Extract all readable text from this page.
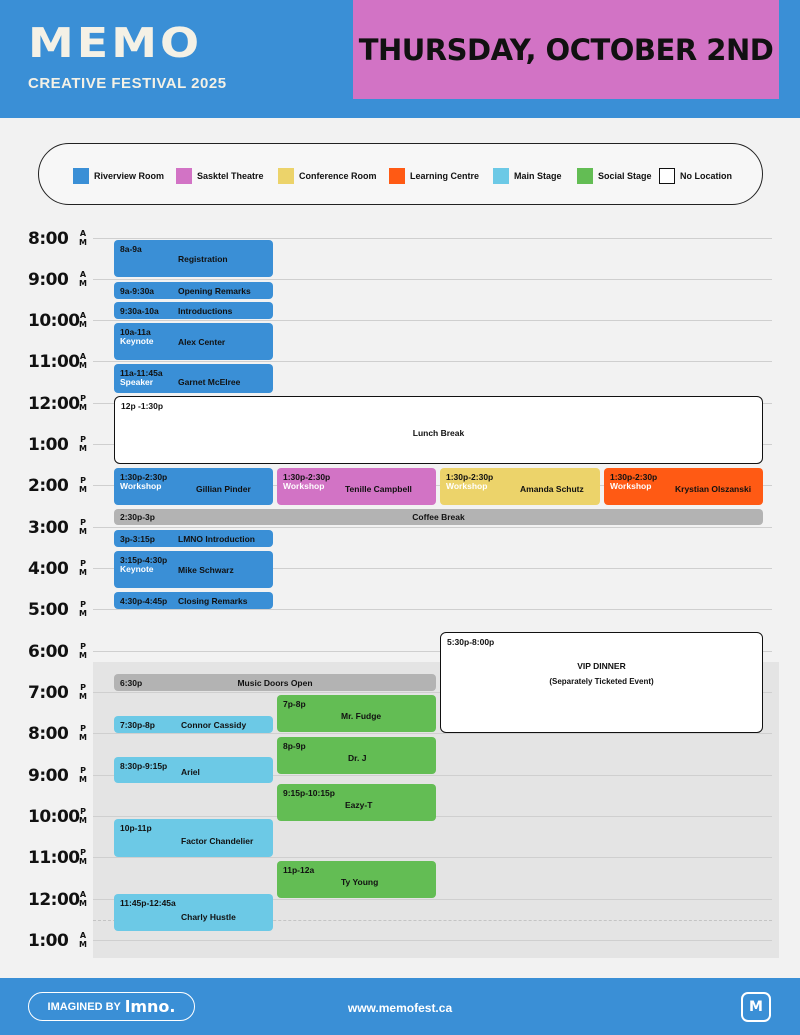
MEMO
CREATIVE FESTIVAL 2025
THURSDAY, OCTOBER 2ND
Riverview Room	Sasktel Theatre	Conference Room	Learning Centre	Main Stage	Social Stage	No Location
8:00 A
M
9:00 A
M
10:00 A
M
11:00 A
M
12:00 P
M
1:00 P
M
2:00 P
M
3:00 P
M
4:00 P
M
5:00 P
M
6:00 P
M
7:00 P
M
8:00 P
M
9:00 P
M
10:00 P
M
11:00 P
M
12:00 A
M
1:00 A
M
8a-9a
Registration
9a-9:30a	Opening Remarks
9:30a-10a Introductions
10a-11a
Keynote	Alex Center
11a-11:45a
Speaker	Garnet McElree
12p -1:30p
Lunch Break
1:30p-2:30p
Workshop	Gillian Pinder
1:30p-2:30p
Workshop Tenille Campbell
1:30p-2:30p
Workshop	Amanda Schutz
1:30p-2:30p
Workshop	Krystian Olszanski
2:30p-3p	Coffee Break
3p-3:15p	LMNO Introduction
3:15p-4:30p
Keynote	Mike Schwarz
4:30p-4:45p Closing Remarks
5:30p-8:00p
VIP DINNER
(Separately Ticketed Event)
6:30p	Music Doors Open
7p-8p
Mr. Fudge
7:30p-8p	Connor Cassidy
8p-9p
Dr. J
8:30p-9:15p
Ariel
9:15p-10:15p
Eazy-T
10p-11p
Factor Chandelier
11p-12a
Ty Young
11:45p-12:45a
Charly Hustle
IMAGINED BY lmno.	www.memofest.ca	M
